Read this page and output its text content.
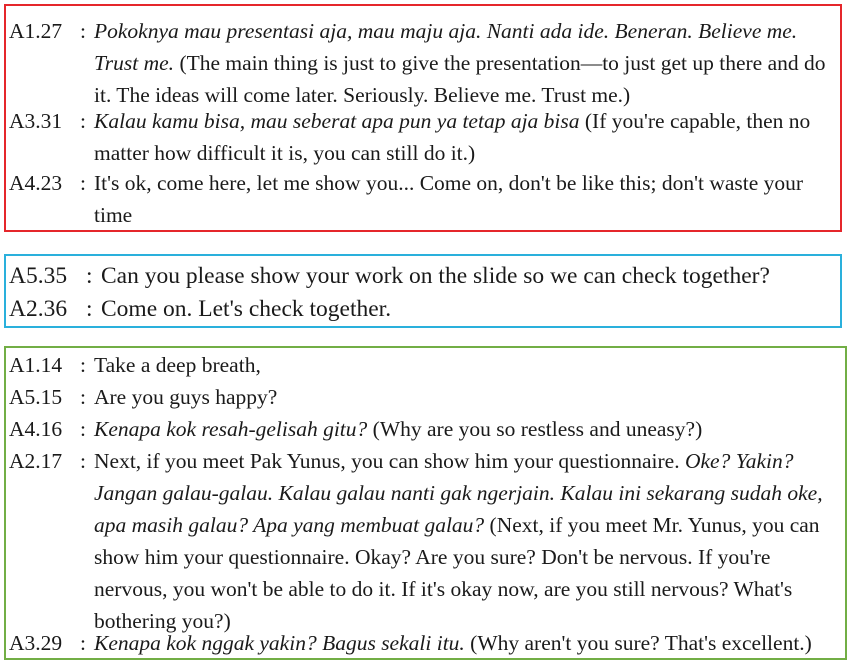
A1.27 : Pokoknya mau presentasi aja, mau maju aja. Nanti ada ide. Beneran. Believe me. Trust me. (The main thing is just to give the presentation—to just get up there and do it. The ideas will come later. Seriously. Believe me. Trust me.)
A3.31 : Kalau kamu bisa, mau seberat apa pun ya tetap aja bisa (If you're capable, then no matter how difficult it is, you can still do it.)
A4.23 : It's ok, come here, let me show you... Come on, don't be like this; don't waste your time
A5.35 : Can you please show your work on the slide so we can check together?
A2.36 : Come on. Let's check together.
A1.14 : Take a deep breath,
A5.15 : Are you guys happy?
A4.16 : Kenapa kok resah-gelisah gitu? (Why are you so restless and uneasy?)
A2.17 : Next, if you meet Pak Yunus, you can show him your questionnaire. Oke? Yakin? Jangan galau-galau. Kalau galau nanti gak ngerjain. Kalau ini sekarang sudah oke, apa masih galau? Apa yang membuat galau? (Next, if you meet Mr. Yunus, you can show him your questionnaire. Okay? Are you sure? Don't be nervous. If you're nervous, you won't be able to do it. If it's okay now, are you still nervous? What's bothering you?)
A3.29 : Kenapa kok nggak yakin? Bagus sekali itu. (Why aren't you sure? That's excellent.)
